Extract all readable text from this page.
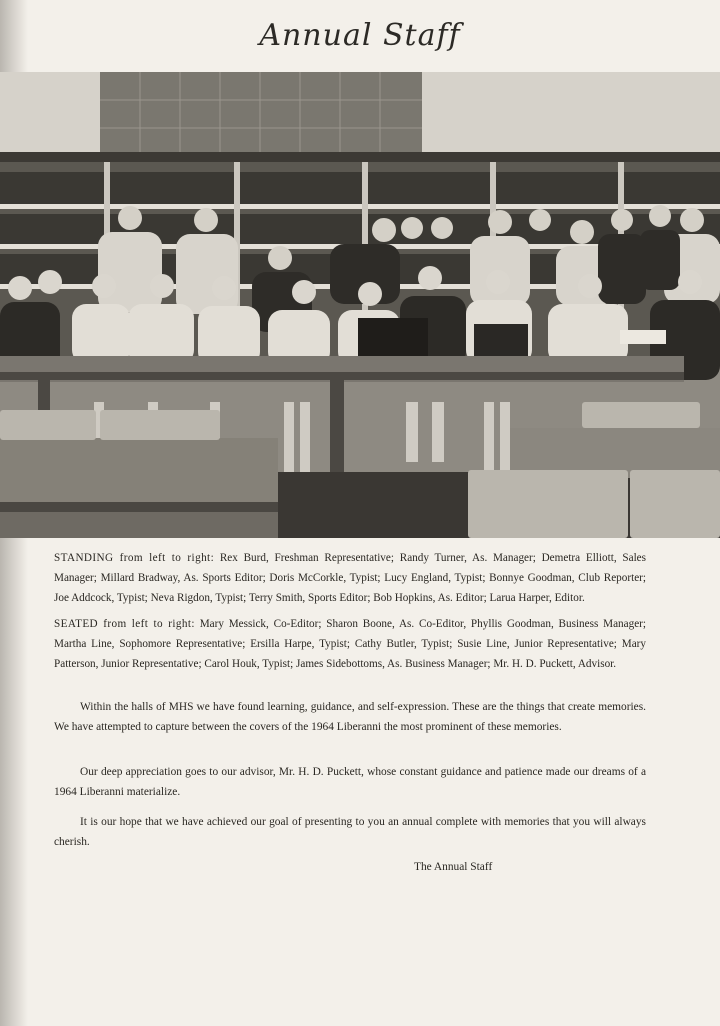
Annual Staff
STANDING from left to right: Rex Burd, Freshman Representative; Randy Turner, As. Manager; Demetra Elliott, Sales Manager; Millard Bradway, As. Sports Editor; Doris McCorkle, Typist; Lucy England, Typist; Bonnye Goodman, Club Reporter; Joe Addcock, Typist; Neva Rigdon, Typist; Terry Smith, Sports Editor; Bob Hopkins, As. Editor; Larua Harper, Editor.
SEATED from left to right: Mary Messick, Co-Editor; Sharon Boone, As. Co-Editor, Phyllis Goodman, Business Manager; Martha Line, Sophomore Representative; Ersilla Harpe, Typist; Cathy Butler, Typist; Susie Line, Junior Representative; Mary Patterson, Junior Representative; Carol Houk, Typist; James Sidebottoms, As. Business Manager; Mr. H. D. Puckett, Advisor.
Within the halls of MHS we have found learning, guidance, and self-expression. These are the things that create memories. We have attempted to capture between the covers of the 1964 Liberanni the most prominent of these memories.
Our deep appreciation goes to our advisor, Mr. H. D. Puckett, whose constant guidance and patience made our dreams of a 1964 Liberanni materialize.
It is our hope that we have achieved our goal of presenting to you an annual complete with memories that you will always cherish.
The Annual Staff
